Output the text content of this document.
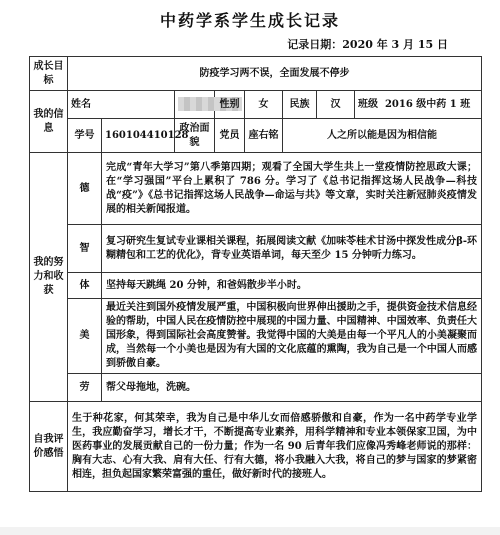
中药学系学生成长记录
记录日期：2020 年 3 月 15 日
成长目标	防疫学习两不误，全面发展不停步							
我的信息	姓名			性别	女	民族	汉	班级 2016 级中药 1 班
	学号	160104410128	政治面貌	党员	座右铭	人之所以能是因为相信能		
我的努力和收获	德	完成“青年大学习”第八季第四期；观看了全国大学生共上一堂疫情防控思政大课；在“学习强国”平台上累积了 786 分。学习了《总书记指挥这场人民战争—科技战“疫”》《总书记指挥这场人民战争—命运与共》等文章，实时关注新冠肺炎疫情发展的相关新闻报道。						
	智	复习研究生复试专业课相关课程，拓展阅读文献《加味苓桂术甘汤中探发性成分β-环糊精包和工艺的优化》，背专业英语单词，每天至少 15 分钟听力练习。						
	体	坚持每天跳绳 20 分钟，和爸妈散步半小时。						
	美	最近关注到国外疫情发展严重，中国积极向世界伸出援助之手，提供资金技术信息经验的帮助，中国人民在疫情防控中展现的中国力量、中国精神、中国效率、负责任大国形象，得到国际社会高度赞誉。我觉得中国的大美是由每一个平凡人的小美凝聚而成，当然每一个小美也是因为有大国的文化底蕴的熏陶，我为自己是一个中国人而感到骄傲自豪。						
	劳	帮父母拖地，洗碗。						
自我评价感悟	生于种花家，何其荣幸，我为自己是中华儿女而倍感骄傲和自豪，作为一名中药学专业学生，我应勤奋学习，增长才干，不断提高专业素养，用科学精神和专业本领保家卫国，为中医药事业的发展贡献自己的一份力量；作为一名 90 后青年我们应像冯秀峰老师说的那样：胸有大志、心有大我、肩有大任、行有大德，将小我融入大我，将自己的梦与国家的梦紧密相连，担负起国家繁荣富强的重任，做好新时代的接班人。							
